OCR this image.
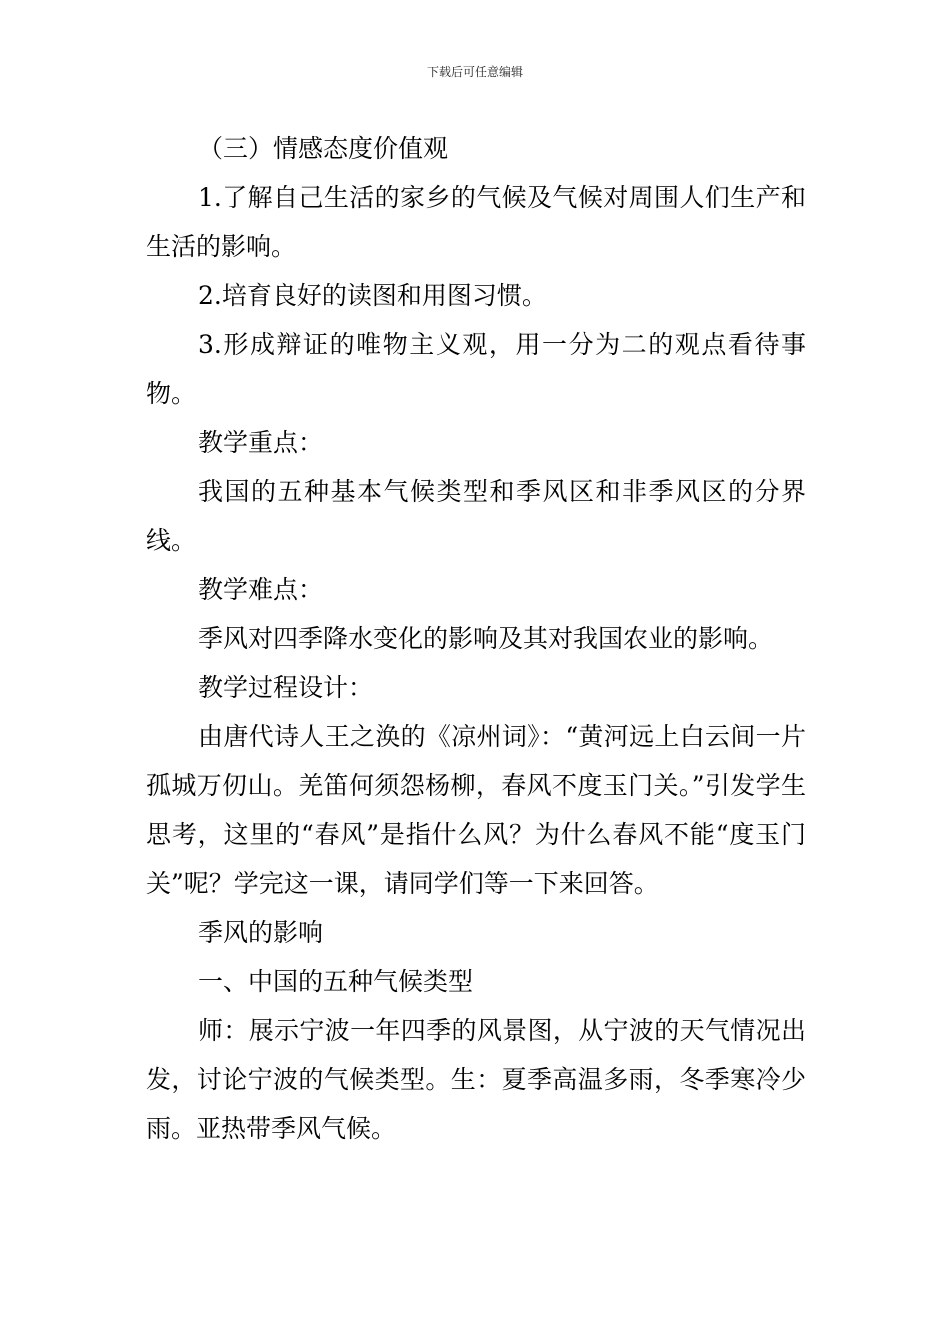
下载后可任意编辑

（三）情感态度价值观

1.了解自己生活的家乡的气候及气候对周围人们生产和生活的影响。

2.培育良好的读图和用图习惯。

3.形成辩证的唯物主义观，用一分为二的观点看待事物。

教学重点：

我国的五种基本气候类型和季风区和非季风区的分界线。

教学难点：

季风对四季降水变化的影响及其对我国农业的影响。

教学过程设计：

由唐代诗人王之涣的《凉州词》：“黄河远上白云间一片孤城万仞山。羌笛何须怨杨柳，春风不度玉门关。”引发学生思考，这里的“春风”是指什么风？为什么春风不能“度玉门关”呢？学完这一课，请同学们等一下来回答。

季风的影响

一、中国的五种气候类型

师：展示宁波一年四季的风景图，从宁波的天气情况出发，讨论宁波的气候类型。生：夏季高温多雨，冬季寒冷少雨。亚热带季风气候。
